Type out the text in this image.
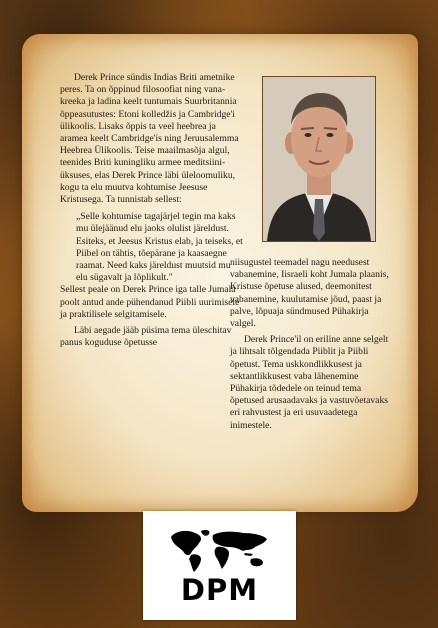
Derek Prince sündis Indias Briti ametnike peres. Ta on õppinud filosoofiat ning vana-kreeka ja ladina keelt tuntumais Suurbritannia õppeasutustes: Etoni kolledžis ja Cambridge'i ülikoolis. Lisaks õppis ta veel heebrea ja aramea keelt Cambridge'is ning Jeruusalemma Heebrea Ülikoolis. Teise maailmasõja algul, teenides Briti kuningliku armee meditsiini-üksuses, elas Derek Prince läbi üleloomuliku, kogu ta elu muutva kohtumise Jeesuse Kristusega. Ta tunnistab sellest:

„Selle kohtumise tagajärjel tegin ma kaks mu ülejäänud elu jaoks olulist järeldust. Esiteks, et Jeesus Kristus elab, ja teiseks, et Piibel on tähtis, tõepärane ja kaasaegne raamat. Need kaks järeldust muutsid mu elu sügavalt ja lõplikult."

Sellest peale on Derek Prince iga talle Jumala poolt antud ande pühendanud Piibli uurimisele ja praktilisele selgitamisele.

Läbi aegade jääb püsima tema üleschitav panus koguduse õpetusse

niisugustel teemadel nagu needusest vabanemine, Iisraeli koht Jumala plaanis, Kristuse õpetuse alused, deemonitest vabanemine, kuulutamise jõud, paast ja palve, lõpuaja sündmused Pühakirja valgel.

Derek Prince'il on eriline anne selgelt ja lihtsalt tõlgendada Piiblit ja Piibli õpetust. Tema uskkondlikkusest ja sektantlikkusest vaba lähenemine Pühakirja tõdedele on teinud tema õpetused arusaadavaks ja vastuvõetavaks eri rahvustest ja eri usuvaadetega inimestele.

DPM
